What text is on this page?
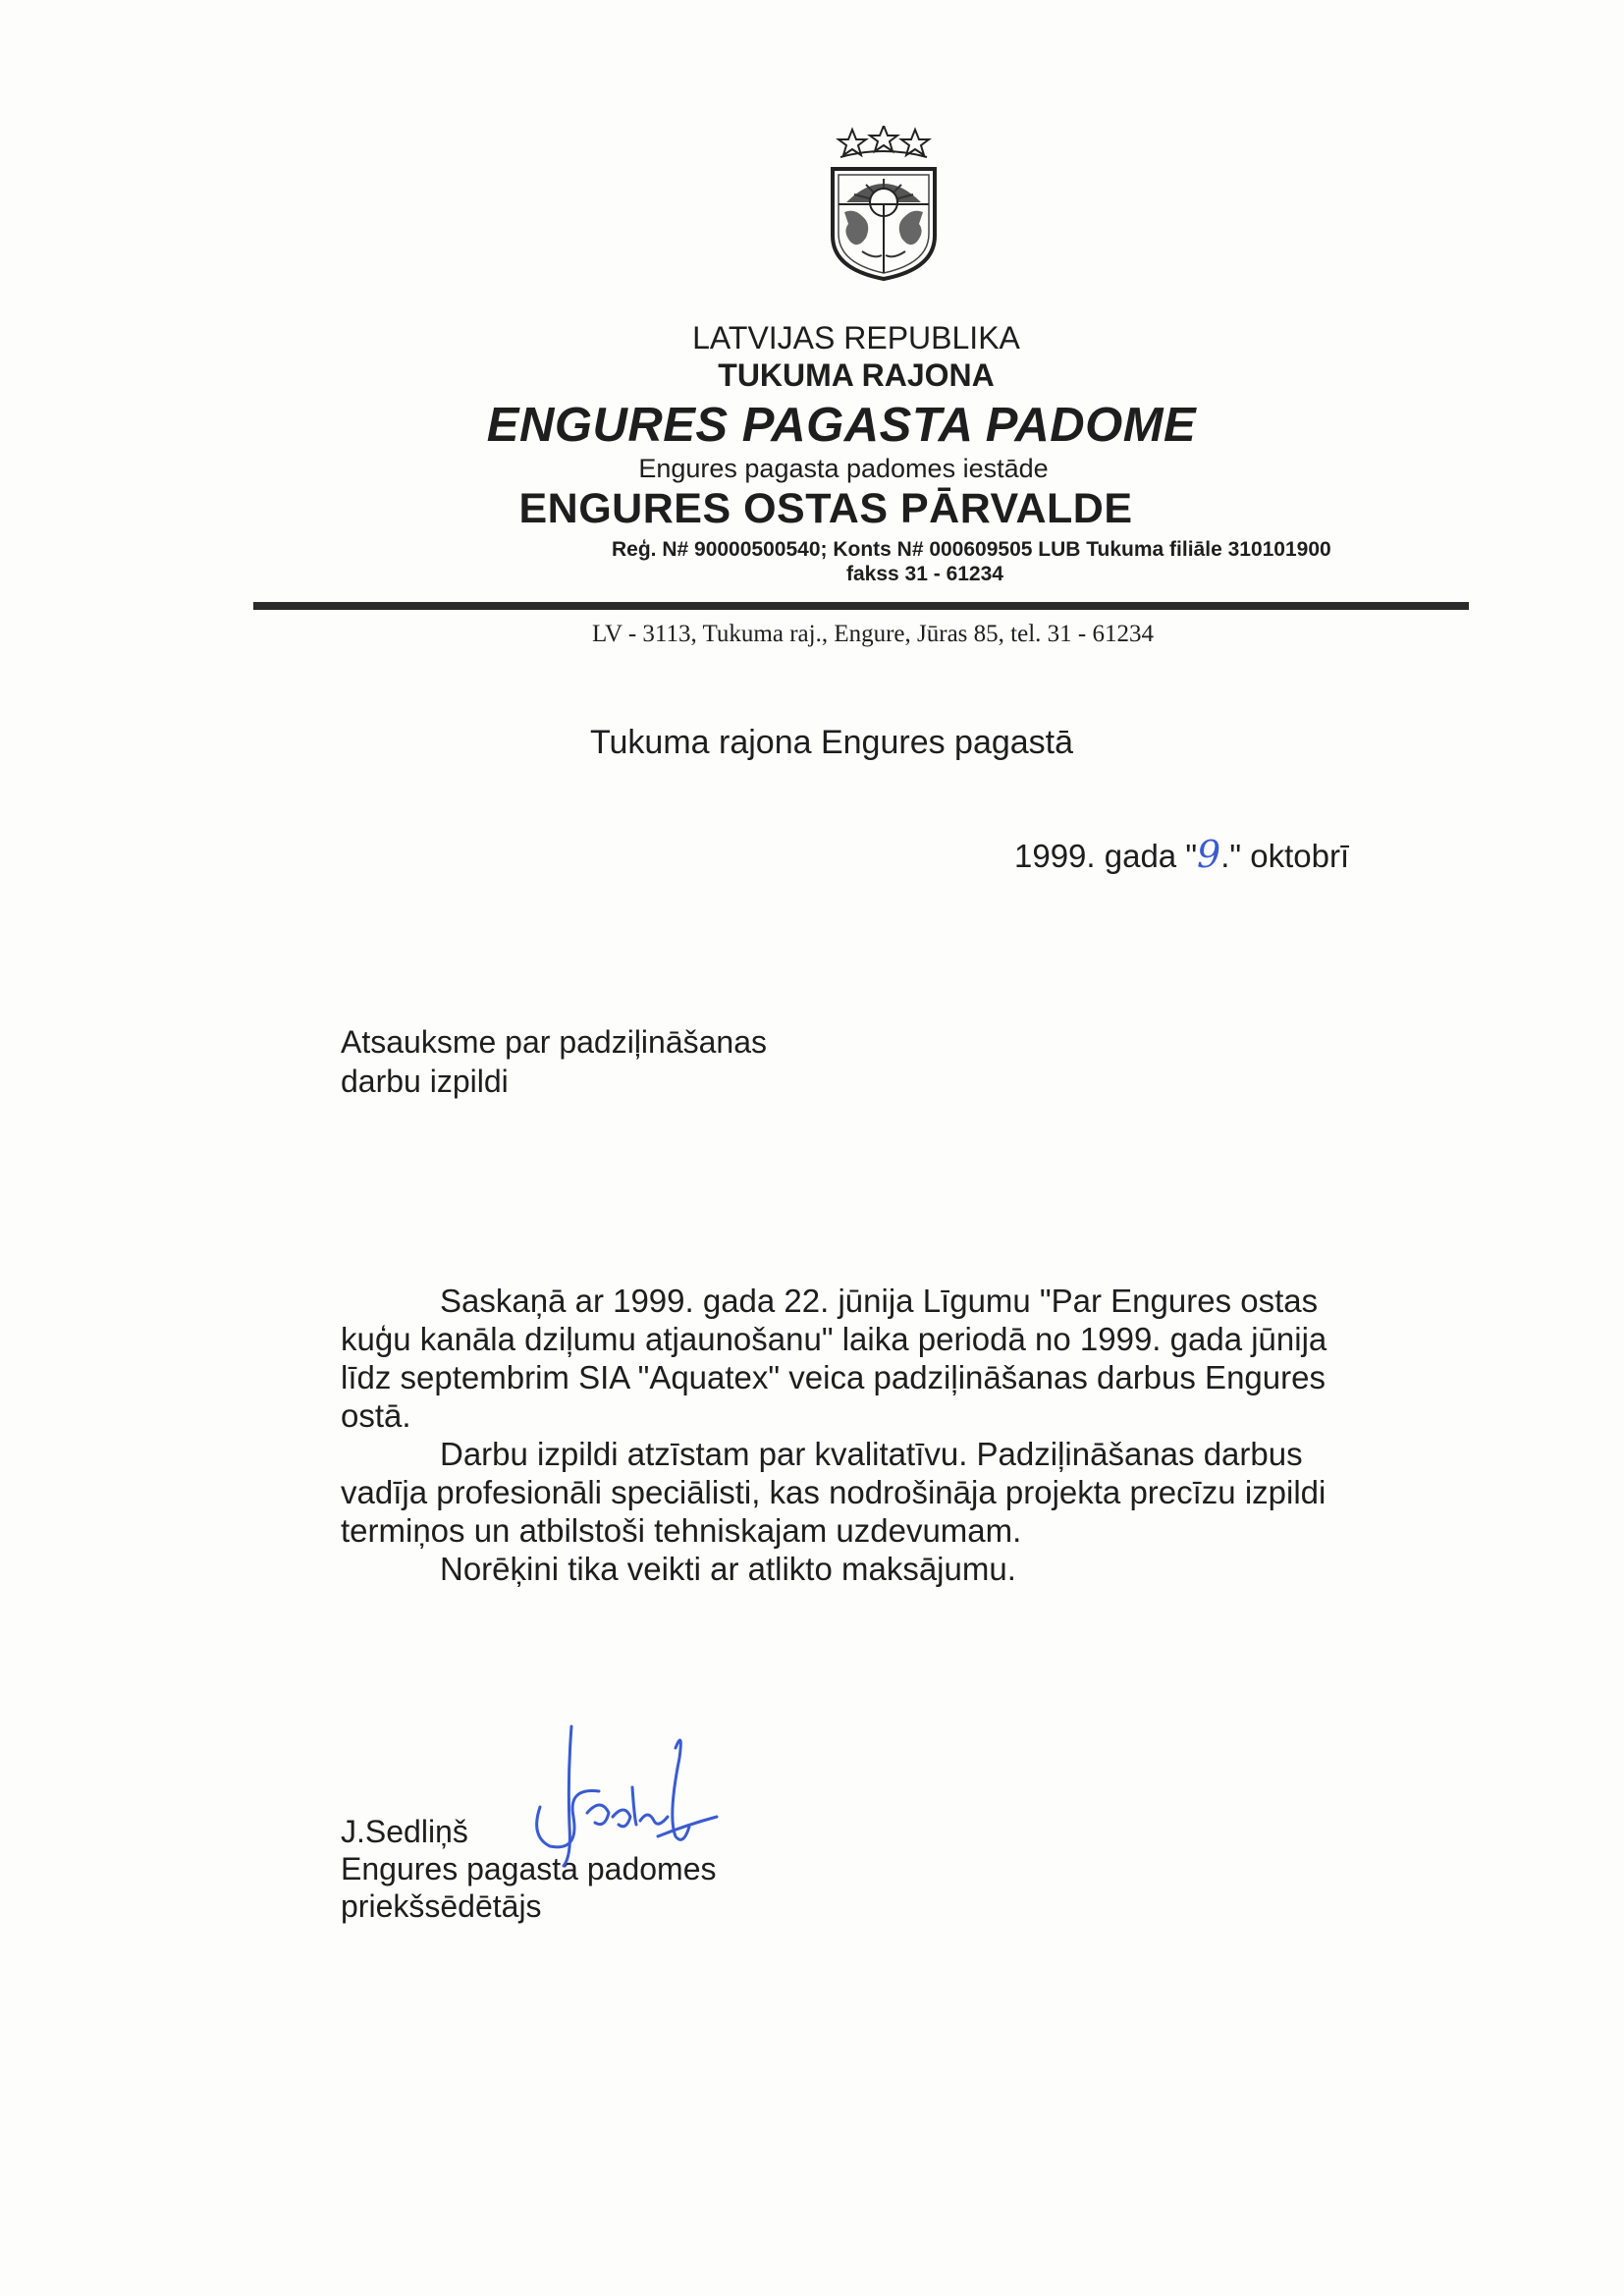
LATVIJAS REPUBLIKA
TUKUMA RAJONA
ENGURES PAGASTA PADOME
Engures pagasta padomes iestāde
ENGURES OSTAS PĀRVALDE
Reģ. N# 90000500540; Konts N# 000609505 LUB Tukuma filiāle 310101900
fakss 31 - 61234
LV - 3113, Tukuma raj., Engure, Jūras 85, tel. 31 - 61234
Tukuma rajona Engures pagastā
1999. gada "9." oktobrī
Atsauksme par padziļināšanas
darbu izpildi

Saskaņā ar 1999. gada 22. jūnija Līgumu "Par Engures ostas

kuģu kanāla dziļumu atjaunošanu" laika periodā no 1999. gada jūnija

līdz septembrim SIA "Aquatex" veica padziļināšanas darbus Engures

ostā.

Darbu izpildi atzīstam par kvalitatīvu. Padziļināšanas darbus

vadīja profesionāli speciālisti, kas nodrošināja projekta precīzu izpildi

termiņos un atbilstoši tehniskajam uzdevumam.

Norēķini tika veikti ar atlikto maksājumu.

J.Sedliņš
Engures pagasta padomes
priekšsēdētājs
